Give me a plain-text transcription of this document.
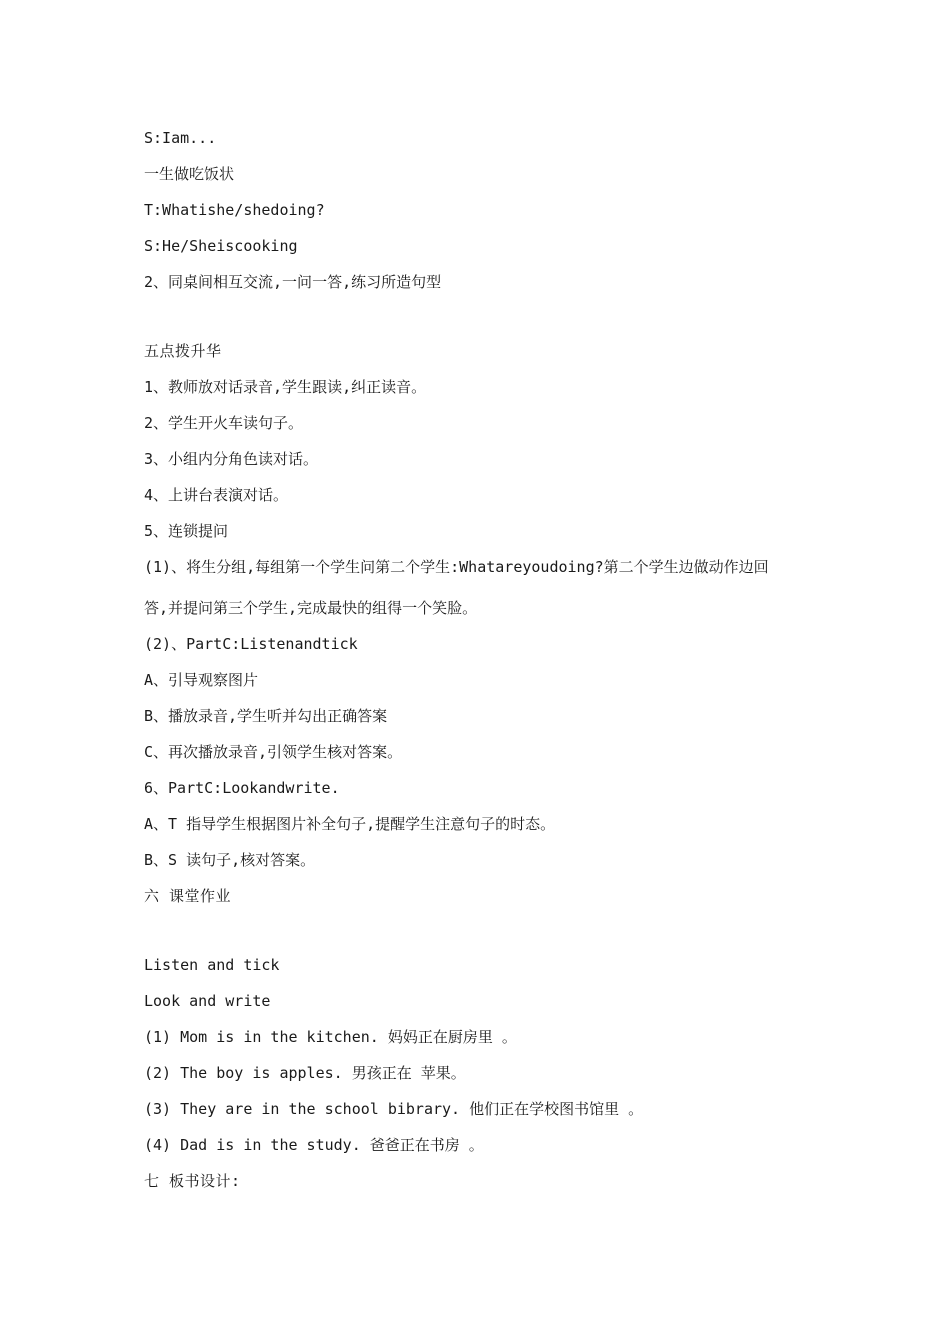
S:Iam...
一生做吃饭状
T:Whatishe/shedoing?
S:He/Sheiscooking
2、同桌间相互交流,一问一答,练习所造句型
五点拨升华
1、教师放对话录音,学生跟读,纠正读音。
2、学生开火车读句子。
3、小组内分角色读对话。
4、上讲台表演对话。
5、连锁提问
(1)、将生分组,每组第一个学生问第二个学生:Whatareyoudoing?第二个学生边做动作边回
答,并提问第三个学生,完成最快的组得一个笑脸。
(2)、PartC:Listenandtick
A、引导观察图片
B、播放录音,学生听并勾出正确答案
C、再次播放录音,引领学生核对答案。
6、PartC:Lookandwrite.
A、T 指导学生根据图片补全句子,提醒学生注意句子的时态。
B、S 读句子,核对答案。
六 课堂作业
Listen and tick
Look and write
(1) Mom is in the kitchen. 妈妈正在厨房里 。
(2) The boy is apples. 男孩正在 苹果。
(3) They are in the school bibrary. 他们正在学校图书馆里 。
(4) Dad is in the study. 爸爸正在书房 。
七 板书设计:
